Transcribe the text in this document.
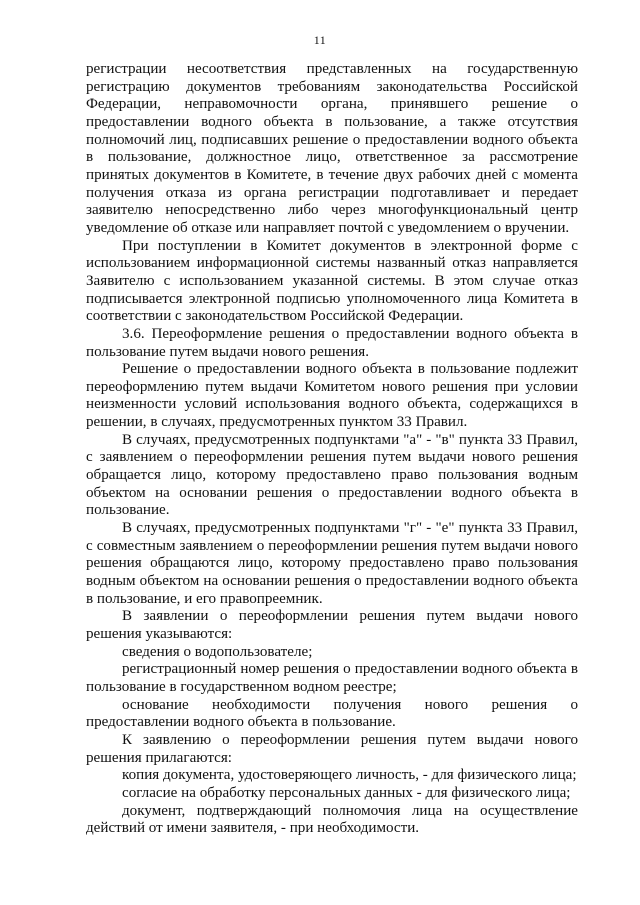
11

регистрации несоответствия представленных на государственную регистрацию документов требованиям законодательства Российской Федерации, неправомочности органа, принявшего решение о предоставлении водного объекта в пользование, а также отсутствия полномочий лиц, подписавших решение о предоставлении водного объекта в пользование, должностное лицо, ответственное за рассмотрение принятых документов в Комитете, в течение двух рабочих дней с момента получения отказа из органа регистрации подготавливает и передает заявителю непосредственно либо через многофункциональный центр уведомление об отказе или направляет почтой с уведомлением о вручении.

При поступлении в Комитет документов в электронной форме с использованием информационной системы названный отказ направляется Заявителю с использованием указанной системы. В этом случае отказ подписывается электронной подписью уполномоченного лица Комитета в соответствии с законодательством Российской Федерации.

3.6. Переоформление решения о предоставлении водного объекта в пользование путем выдачи нового решения.

Решение о предоставлении водного объекта в пользование подлежит переоформлению путем выдачи Комитетом нового решения при условии неизменности условий использования водного объекта, содержащихся в решении, в случаях, предусмотренных пунктом 33 Правил.

В случаях, предусмотренных подпунктами "а" - "в" пункта 33 Правил, с заявлением о переоформлении решения путем выдачи нового решения обращается лицо, которому предоставлено право пользования водным объектом на основании решения о предоставлении водного объекта в пользование.

В случаях, предусмотренных подпунктами "г" - "е" пункта 33 Правил, с совместным заявлением о переоформлении решения путем выдачи нового решения обращаются лицо, которому предоставлено право пользования водным объектом на основании решения о предоставлении водного объекта в пользование, и его правопреемник.

В заявлении о переоформлении решения путем выдачи нового решения указываются:

сведения о водопользователе;

регистрационный номер решения о предоставлении водного объекта в пользование в государственном водном реестре;

основание необходимости получения нового решения о предоставлении водного объекта в пользование.

К заявлению о переоформлении решения путем выдачи нового решения прилагаются:

копия документа, удостоверяющего личность, - для физического лица;

согласие на обработку персональных данных - для физического лица;

документ, подтверждающий полномочия лица на осуществление действий от имени заявителя, - при необходимости.
